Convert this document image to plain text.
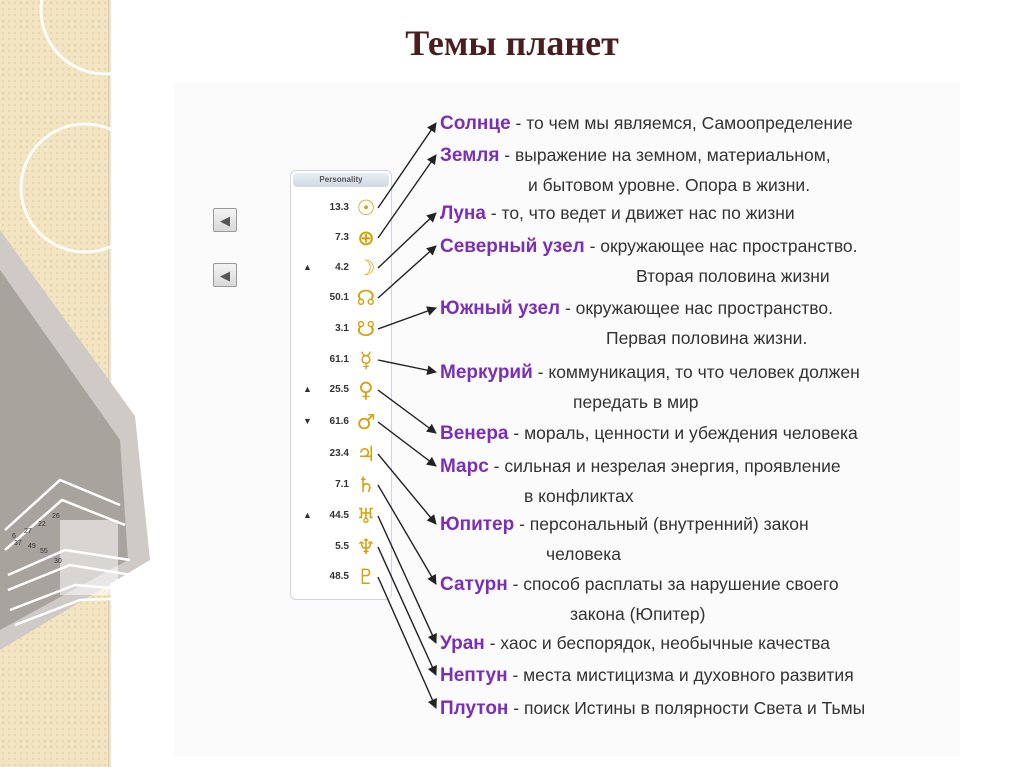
Темы планет
26
22
27
6
49
37
55
30
◀
◀
Personality
13.3 ☉
7.3 ⊕
▲	4.2 ☽
50.1 ☊
3.1 ☋
61.1 ☿
▲	25.5 ♀
▼	61.6 ♂
23.4 ♃
7.1 ♄
▲	44.5 ♅
5.5 ♆
48.5 ♇

Солнце - то чем мы являемся, Самоопределение

Земля - выражение на земном, материальном,

и бытовом уровне. Опора в жизни.

Луна - то, что ведет и движет нас по жизни

Северный узел - окружающее нас пространство.

Вторая половина жизни

Южный узел - окружающее нас пространство.

Первая половина жизни.

Меркурий - коммуникация, то что человек должен

передать в мир

Венера - мораль, ценности и убеждения человека

Марс - сильная и незрелая энергия, проявление

в конфликтах

Юпитер - персональный (внутренний) закон

человека

Сатурн - способ расплаты за нарушение своего

закона (Юпитер)

Уран - хаос и беспорядок, необычные качества

Нептун - места мистицизма и духовного развития

Плутон - поиск Истины в полярности Света и Тьмы
